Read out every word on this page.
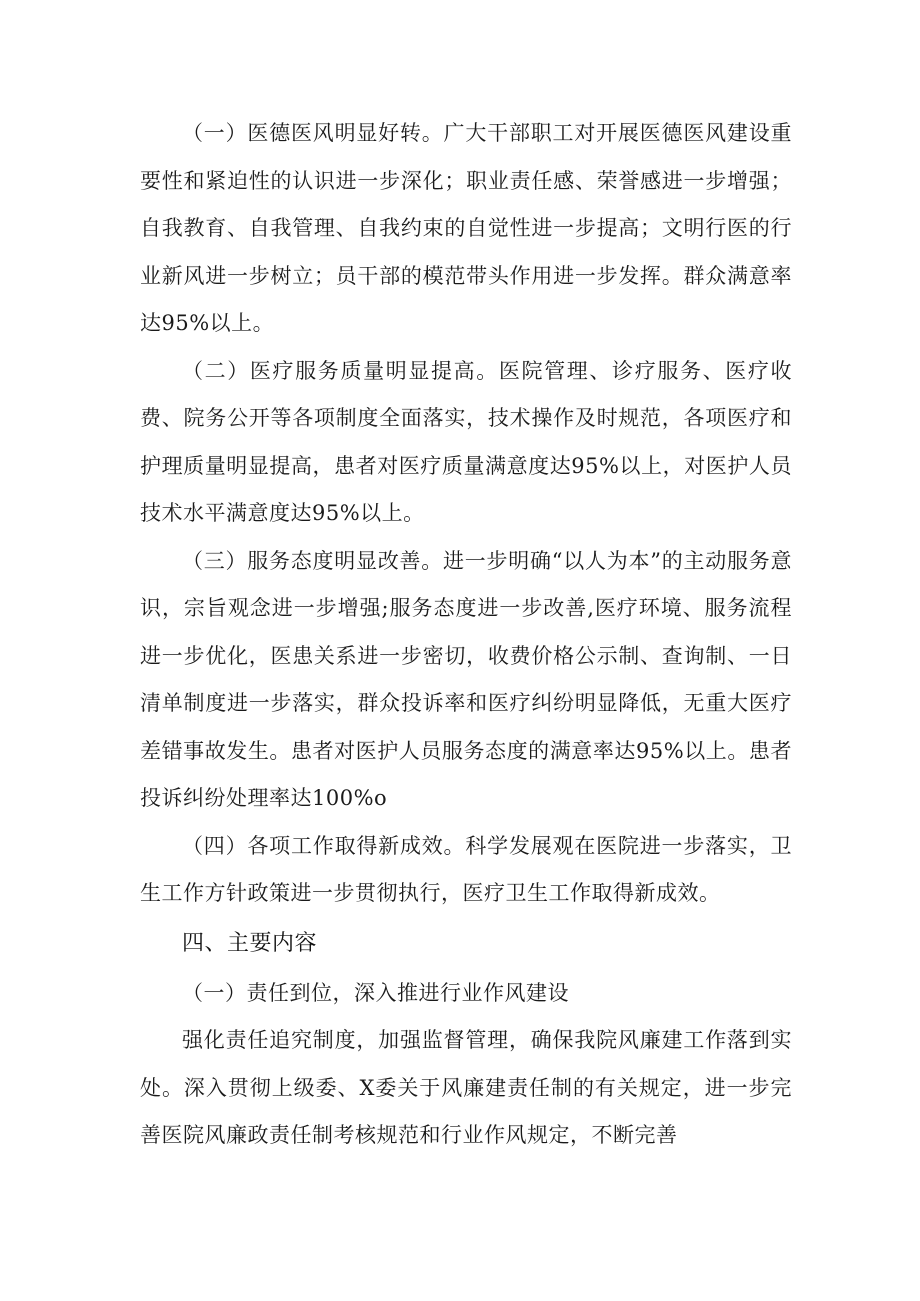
（一）医德医风明显好转。广大干部职工对开展医德医风建设重要性和紧迫性的认识进一步深化；职业责任感、荣誉感进一步增强；自我教育、自我管理、自我约束的自觉性进一步提高；文明行医的行业新风进一步树立；员干部的模范带头作用进一步发挥。群众满意率达95%以上。

（二）医疗服务质量明显提高。医院管理、诊疗服务、医疗收费、院务公开等各项制度全面落实，技术操作及时规范，各项医疗和护理质量明显提高，患者对医疗质量满意度达95%以上，对医护人员技术水平满意度达95%以上。

（三）服务态度明显改善。进一步明确“以人为本”的主动服务意识，宗旨观念进一步增强;服务态度进一步改善,医疗环境、服务流程进一步优化，医患关系进一步密切，收费价格公示制、查询制、一日清单制度进一步落实，群众投诉率和医疗纠纷明显降低，无重大医疗差错事故发生。患者对医护人员服务态度的满意率达95%以上。患者投诉纠纷处理率达100%o

（四）各项工作取得新成效。科学发展观在医院进一步落实，卫生工作方针政策进一步贯彻执行，医疗卫生工作取得新成效。

四、主要内容

（一）责任到位，深入推进行业作风建设

强化责任追究制度，加强监督管理，确保我院风廉建工作落到实处。深入贯彻上级委、X委关于风廉建责任制的有关规定，进一步完善医院风廉政责任制考核规范和行业作风规定，不断完善
